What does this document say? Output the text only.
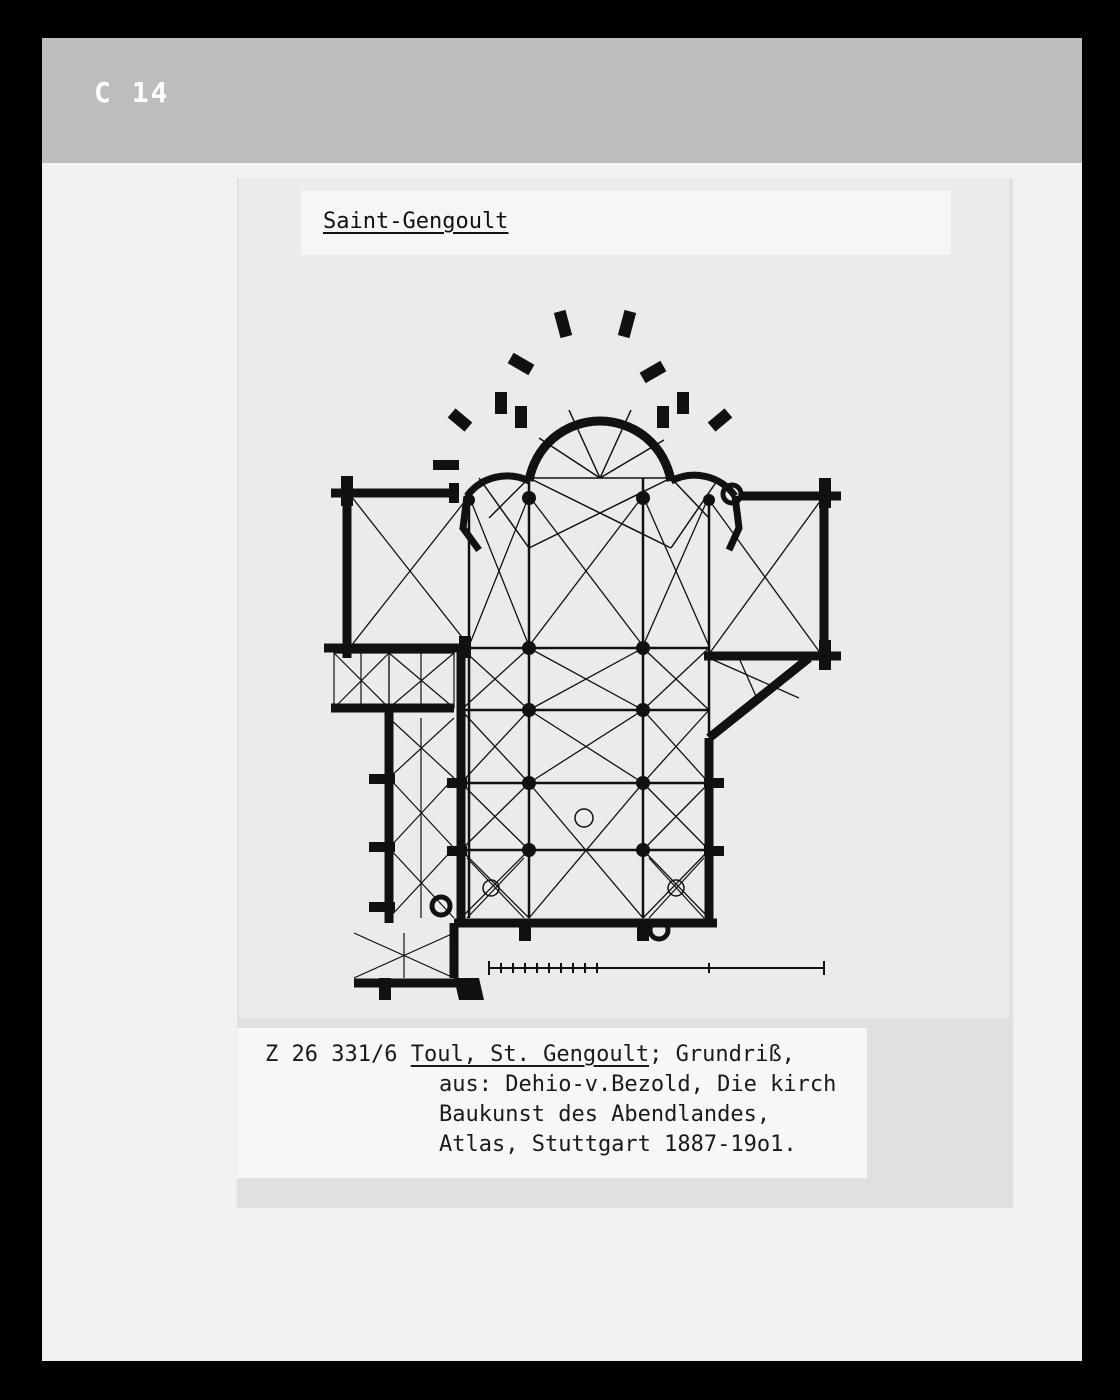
C 14
Saint-Gengoult
Z 26 331/6 Toul, St. Gengoult; Grundriß,
aus: Dehio-v.Bezold, Die kirch
Baukunst des Abendlandes,
Atlas, Stuttgart 1887-19o1.
